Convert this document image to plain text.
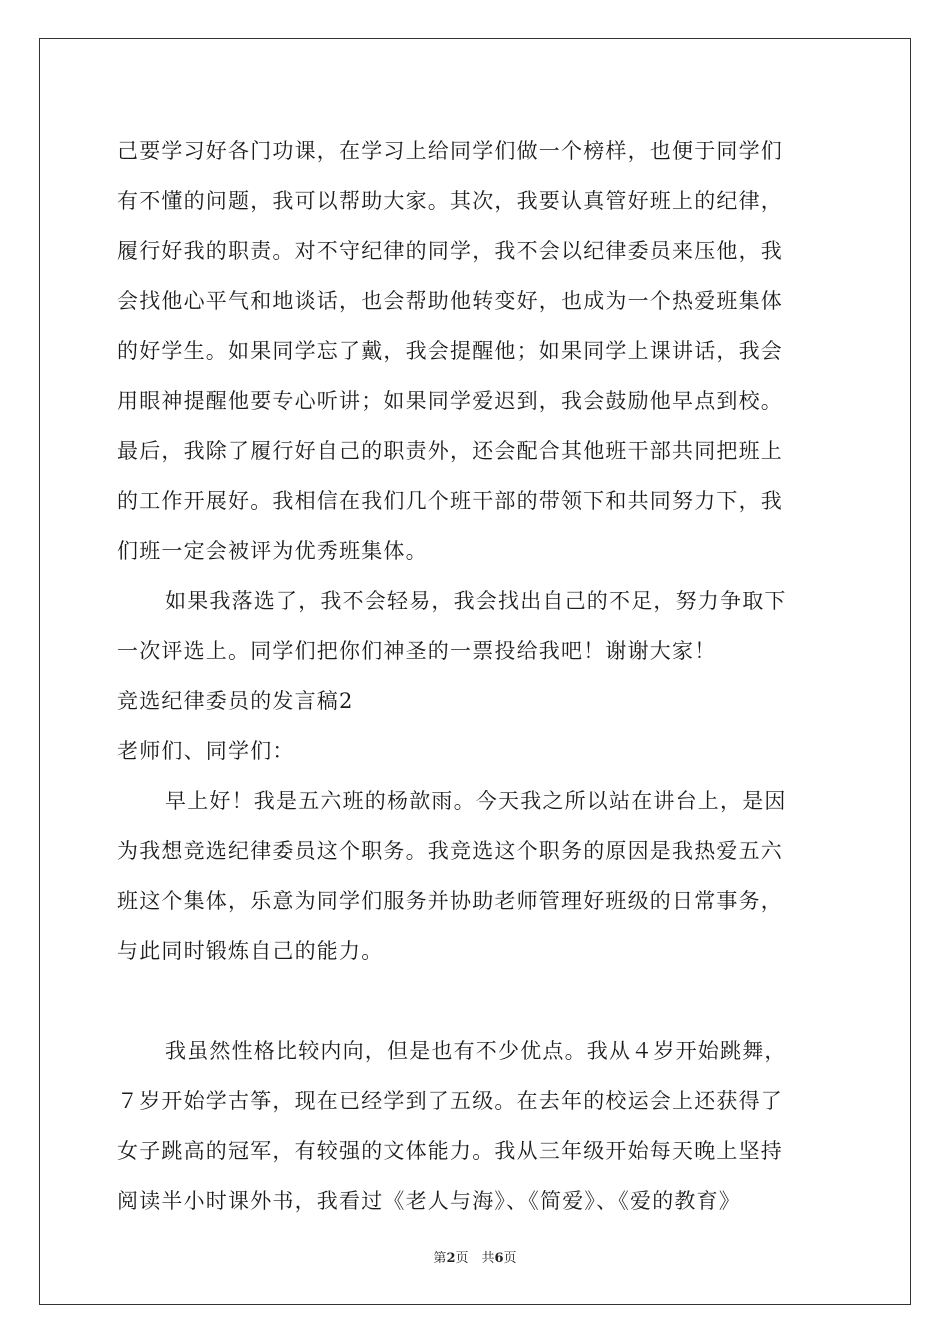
己要学习好各门功课，在学习上给同学们做一个榜样，也便于同学们
有不懂的问题，我可以帮助大家。其次，我要认真管好班上的纪律，
履行好我的职责。对不守纪律的同学，我不会以纪律委员来压他，我
会找他心平气和地谈话，也会帮助他转变好，也成为一个热爱班集体
的好学生。如果同学忘了戴，我会提醒他；如果同学上课讲话，我会
用眼神提醒他要专心听讲；如果同学爱迟到，我会鼓励他早点到校。
最后，我除了履行好自己的职责外，还会配合其他班干部共同把班上
的工作开展好。我相信在我们几个班干部的带领下和共同努力下，我
们班一定会被评为优秀班集体。
如果我落选了，我不会轻易，我会找出自己的不足，努力争取下
一次评选上。同学们把你们神圣的一票投给我吧！谢谢大家！
竞选纪律委员的发言稿2
老师们、同学们：
早上好！我是五六班的杨歆雨。今天我之所以站在讲台上，是因
为我想竞选纪律委员这个职务。我竞选这个职务的原因是我热爱五六
班这个集体，乐意为同学们服务并协助老师管理好班级的日常事务，
与此同时锻炼自己的能力。
我虽然性格比较内向，但是也有不少优点。我从４岁开始跳舞，
７岁开始学古筝，现在已经学到了五级。在去年的校运会上还获得了
女子跳高的冠军，有较强的文体能力。我从三年级开始每天晚上坚持
阅读半小时课外书，我看过《老人与海》、《简爱》、《爱的教育》
第2页　共6页
